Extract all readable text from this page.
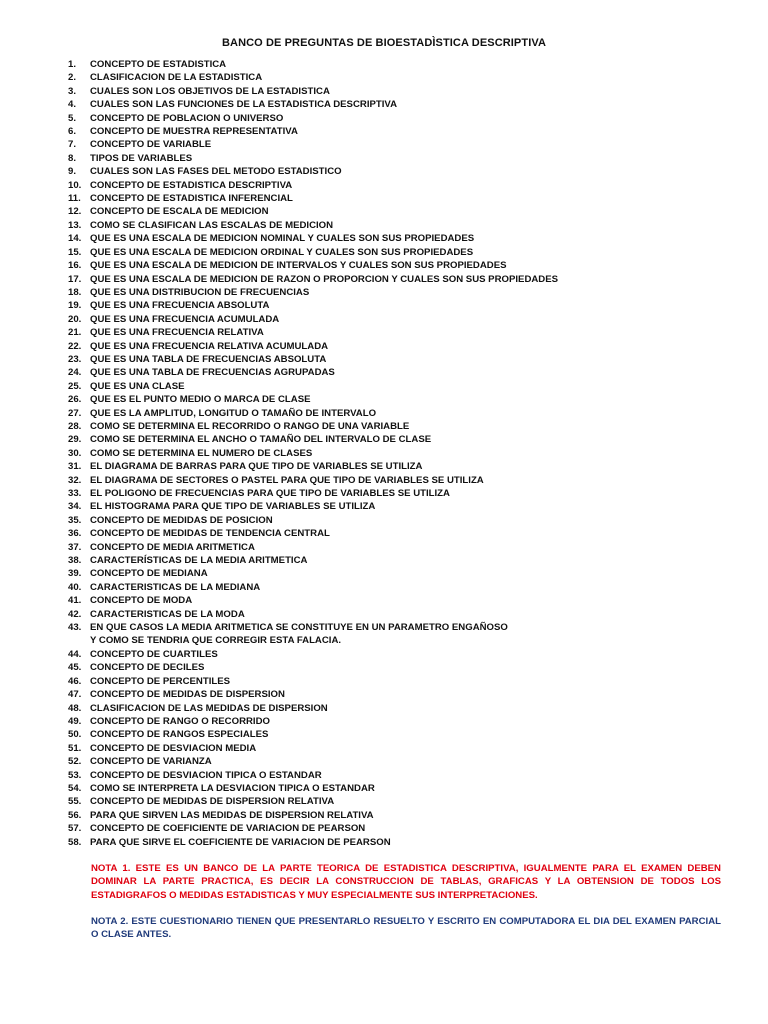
BANCO DE PREGUNTAS DE BIOESTADÌSTICA DESCRIPTIVA
1. CONCEPTO DE ESTADISTICA
2. CLASIFICACION DE LA ESTADISTICA
3. CUALES SON LOS OBJETIVOS DE LA ESTADISTICA
4. CUALES SON LAS FUNCIONES DE LA ESTADISTICA DESCRIPTIVA
5. CONCEPTO DE POBLACION O UNIVERSO
6. CONCEPTO DE MUESTRA REPRESENTATIVA
7. CONCEPTO DE VARIABLE
8. TIPOS DE VARIABLES
9. CUALES SON LAS FASES DEL METODO ESTADISTICO
10. CONCEPTO DE ESTADISTICA DESCRIPTIVA
11. CONCEPTO DE ESTADISTICA INFERENCIAL
12. CONCEPTO DE ESCALA DE MEDICION
13. COMO SE CLASIFICAN LAS ESCALAS DE MEDICION
14. QUE ES UNA ESCALA DE MEDICION NOMINAL Y CUALES SON SUS PROPIEDADES
15. QUE ES UNA ESCALA DE MEDICION ORDINAL Y CUALES SON SUS PROPIEDADES
16. QUE ES UNA ESCALA DE MEDICION DE INTERVALOS Y CUALES SON SUS PROPIEDADES
17. QUE ES UNA ESCALA DE MEDICION DE RAZON O PROPORCION Y CUALES SON SUS PROPIEDADES
18. QUE ES UNA DISTRIBUCION DE FRECUENCIAS
19. QUE ES UNA FRECUENCIA ABSOLUTA
20. QUE ES UNA FRECUENCIA ACUMULADA
21. QUE ES UNA FRECUENCIA RELATIVA
22. QUE ES UNA FRECUENCIA RELATIVA ACUMULADA
23. QUE ES UNA TABLA DE FRECUENCIAS ABSOLUTA
24. QUE ES UNA TABLA DE FRECUENCIAS AGRUPADAS
25. QUE ES UNA CLASE
26. QUE ES EL PUNTO MEDIO O MARCA DE CLASE
27. QUE ES LA AMPLITUD, LONGITUD O TAMAÑO DE INTERVALO
28. COMO SE DETERMINA EL RECORRIDO O RANGO DE UNA VARIABLE
29. COMO SE DETERMINA EL ANCHO O TAMAÑO DEL INTERVALO DE CLASE
30. COMO SE DETERMINA EL NUMERO DE CLASES
31. EL DIAGRAMA DE BARRAS PARA QUE TIPO DE VARIABLES SE UTILIZA
32. EL DIAGRAMA DE SECTORES O PASTEL PARA QUE TIPO DE VARIABLES SE UTILIZA
33. EL POLIGONO DE FRECUENCIAS PARA QUE TIPO DE VARIABLES SE UTILIZA
34. EL HISTOGRAMA PARA QUE TIPO DE VARIABLES SE UTILIZA
35. CONCEPTO DE MEDIDAS DE POSICION
36. CONCEPTO DE MEDIDAS DE TENDENCIA CENTRAL
37. CONCEPTO DE MEDIA ARITMETICA
38. CARACTERÍSTICAS DE LA MEDIA ARITMETICA
39. CONCEPTO DE MEDIANA
40. CARACTERISTICAS DE LA MEDIANA
41. CONCEPTO DE MODA
42. CARACTERISTICAS DE LA MODA
43. EN QUE CASOS LA MEDIA ARITMETICA SE CONSTITUYE EN UN PARAMETRO ENGAÑOSO
Y COMO SE TENDRIA QUE CORREGIR ESTA FALACIA.
44. CONCEPTO DE CUARTILES
45. CONCEPTO DE DECILES
46. CONCEPTO DE PERCENTILES
47. CONCEPTO DE MEDIDAS DE DISPERSION
48. CLASIFICACION DE LAS MEDIDAS DE DISPERSION
49. CONCEPTO DE RANGO O RECORRIDO
50. CONCEPTO DE RANGOS ESPECIALES
51. CONCEPTO DE DESVIACION MEDIA
52. CONCEPTO DE VARIANZA
53. CONCEPTO DE DESVIACION TIPICA O ESTANDAR
54. COMO SE INTERPRETA LA DESVIACION TIPICA O ESTANDAR
55. CONCEPTO DE MEDIDAS DE DISPERSION RELATIVA
56. PARA QUE SIRVEN LAS MEDIDAS DE DISPERSION RELATIVA
57. CONCEPTO DE COEFICIENTE DE VARIACION DE PEARSON
58. PARA QUE SIRVE EL COEFICIENTE DE VARIACION DE PEARSON
NOTA 1. ESTE ES UN BANCO DE LA PARTE TEORICA DE ESTADISTICA DESCRIPTIVA, IGUALMENTE PARA EL EXAMEN DEBEN DOMINAR LA PARTE PRACTICA, ES DECIR LA CONSTRUCCION DE TABLAS, GRAFICAS Y LA OBTENSION DE TODOS LOS ESTADIGRAFOS O MEDIDAS ESTADISTICAS Y MUY ESPECIALMENTE SUS INTERPRETACIONES.
NOTA 2. ESTE CUESTIONARIO TIENEN QUE PRESENTARLO RESUELTO Y ESCRITO EN COMPUTADORA EL DIA DEL EXAMEN PARCIAL O CLASE ANTES.
